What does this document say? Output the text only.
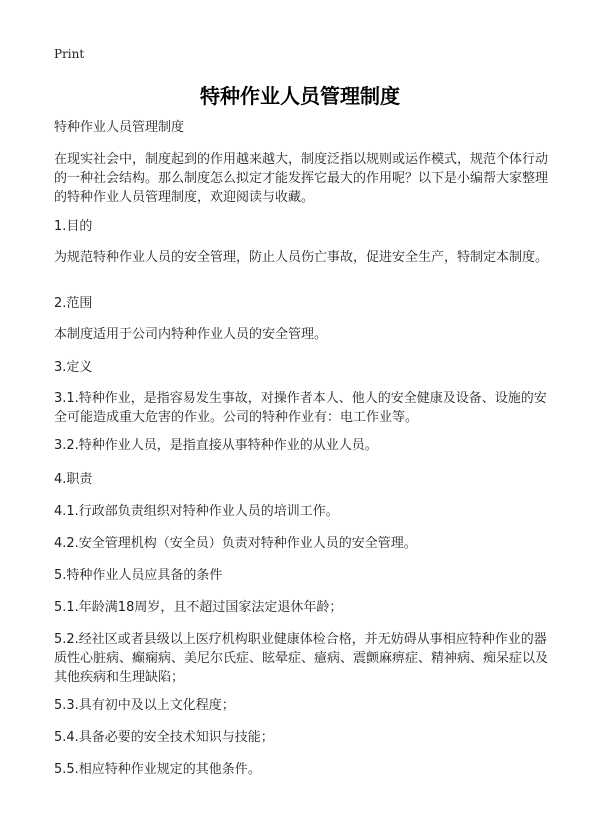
Print
特种作业人员管理制度

特种作业人员管理制度

在现实社会中，制度起到的作用越来越大，制度泛指以规则或运作模式，规范个体行动的一种社会结构。那么制度怎么拟定才能发挥它最大的作用呢？以下是小编帮大家整理的特种作业人员管理制度，欢迎阅读与收藏。

1.目的

为规范特种作业人员的安全管理，防止人员伤亡事故，促进安全生产，特制定本制度。

2.范围

本制度适用于公司内特种作业人员的安全管理。

3.定义

3.1.特种作业，是指容易发生事故，对操作者本人、他人的安全健康及设备、设施的安全可能造成重大危害的作业。公司的特种作业有：电工作业等。

3.2.特种作业人员，是指直接从事特种作业的从业人员。

4.职责

4.1.行政部负责组织对特种作业人员的培训工作。

4.2.安全管理机构（安全员）负责对特种作业人员的安全管理。

5.特种作业人员应具备的条件

5.1.年龄满18周岁，且不超过国家法定退休年龄；

5.2.经社区或者县级以上医疗机构职业健康体检合格，并无妨碍从事相应特种作业的器质性心脏病、癫痫病、美尼尔氏症、眩晕症、癔病、震颤麻痹症、精神病、痴呆症以及其他疾病和生理缺陷；

5.3.具有初中及以上文化程度；

5.4.具备必要的安全技术知识与技能；

5.5.相应特种作业规定的其他条件。
